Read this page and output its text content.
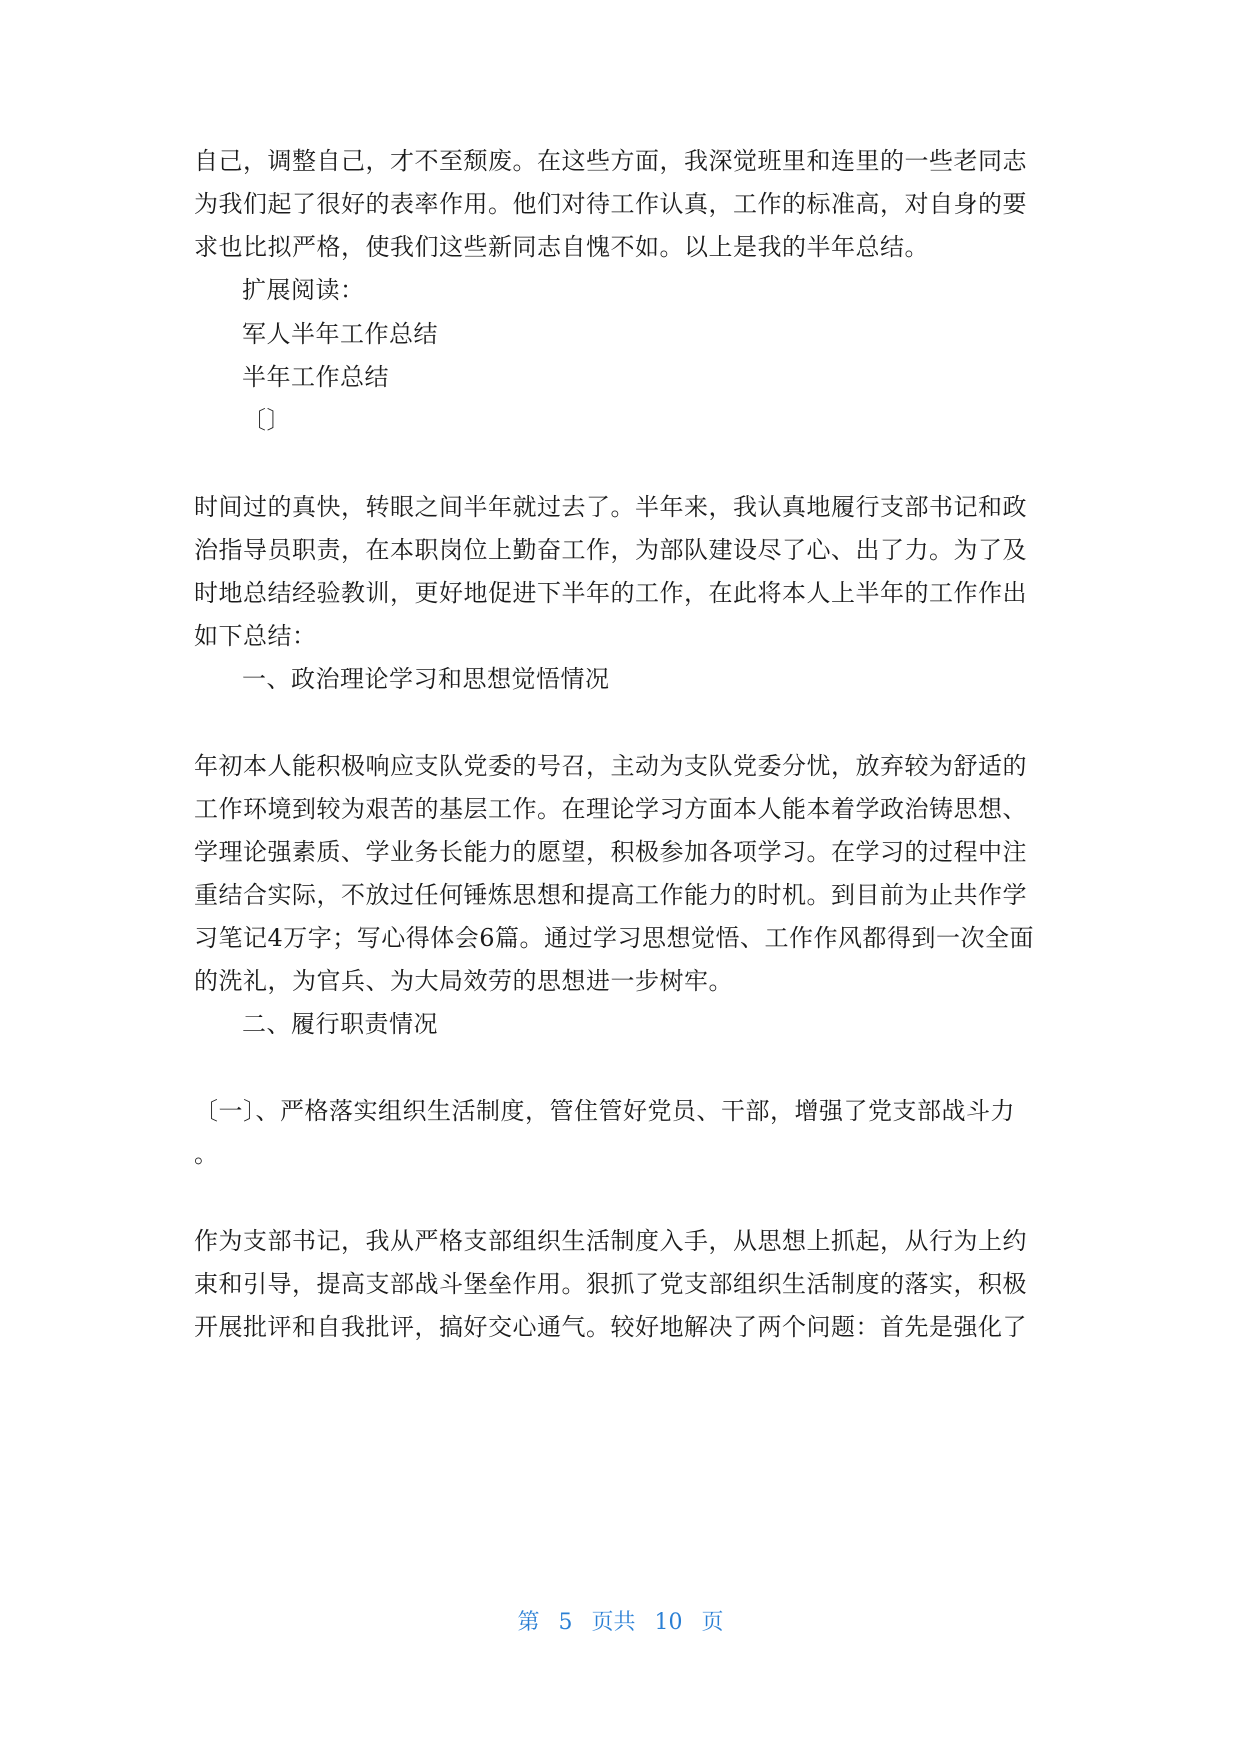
自己，调整自己，才不至颓废。在这些方面，我深觉班里和连里的一些老同志
为我们起了很好的表率作用。他们对待工作认真，工作的标准高，对自身的要
求也比拟严格，使我们这些新同志自愧不如。以上是我的半年总结。
扩展阅读：
军人半年工作总结
半年工作总结
〔〕
时间过的真快，转眼之间半年就过去了。半年来，我认真地履行支部书记和政
治指导员职责，在本职岗位上勤奋工作，为部队建设尽了心、出了力。为了及
时地总结经验教训，更好地促进下半年的工作，在此将本人上半年的工作作出
如下总结：
一、政治理论学习和思想觉悟情况
年初本人能积极响应支队党委的号召，主动为支队党委分忧，放弃较为舒适的
工作环境到较为艰苦的基层工作。在理论学习方面本人能本着学政治铸思想、
学理论强素质、学业务长能力的愿望，积极参加各项学习。在学习的过程中注
重结合实际，不放过任何锤炼思想和提高工作能力的时机。到目前为止共作学
习笔记4万字；写心得体会6篇。通过学习思想觉悟、工作作风都得到一次全面
的洗礼，为官兵、为大局效劳的思想进一步树牢。
二、履行职责情况
〔一〕、严格落实组织生活制度，管住管好党员、干部，增强了党支部战斗力
。
作为支部书记，我从严格支部组织生活制度入手，从思想上抓起，从行为上约
束和引导，提高支部战斗堡垒作用。狠抓了党支部组织生活制度的落实，积极
开展批评和自我批评，搞好交心通气。较好地解决了两个问题：首先是强化了
第 5 页共 10 页
